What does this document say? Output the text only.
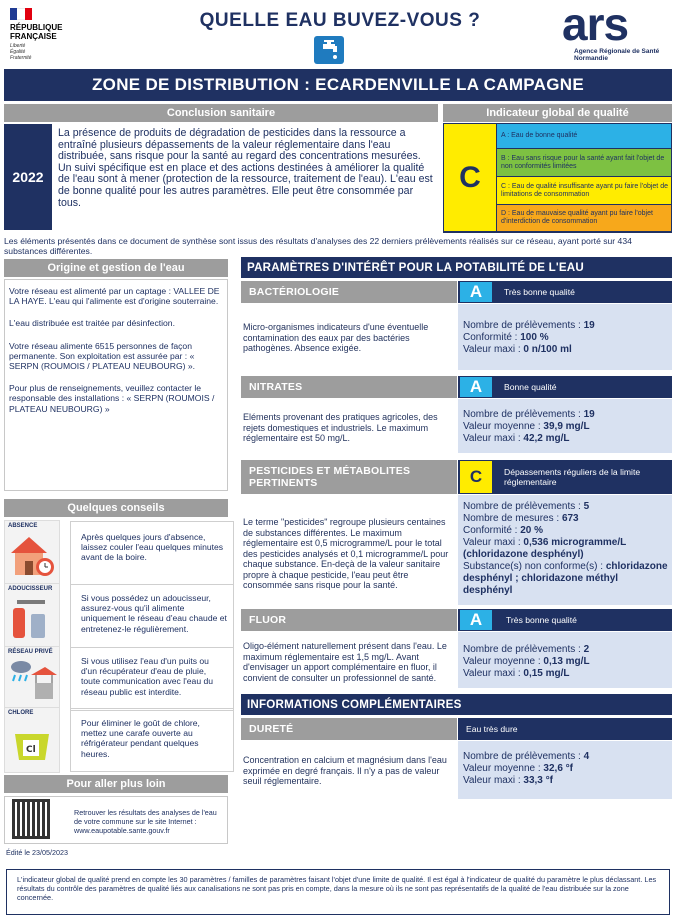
RÉPUBLIQUE
FRANÇAISE
Liberté
Égalité
Fraternité
QUELLE EAU BUVEZ-VOUS ?	ars
Agence Régionale de Santé
Normandie
ZONE DE DISTRIBUTION : ECARDENVILLE LA CAMPAGNE
Conclusion sanitaire
2022
La présence de produits de dégradation de pesticides dans la ressource a entraîné plusieurs dépassements de la valeur réglementaire dans l'eau distribuée, sans risque pour la santé au regard des concentrations mesurées. Un suivi spécifique est en place et des actions destinées à améliorer la qualité de l'eau sont à mener (protection de la ressource, traitement de l'eau). L'eau est de bonne qualité pour les autres paramètres. Elle peut être consommée par tous.
Indicateur global de qualité
C
A : Eau de bonne qualité
B : Eau sans risque pour la santé ayant fait l'objet de non conformités limitées
C : Eau de qualité insuffisante ayant pu faire l'objet de limitations de consommation
D : Eau de mauvaise qualité ayant pu faire l'objet d'interdiction de consommation
Les éléments présentés dans ce document de synthèse sont issus des résultats d'analyses des 22 derniers prélèvements réalisés sur ce réseau, ayant porté sur 434 substances différentes.
Origine et gestion de l'eau

Votre réseau est alimenté par un captage : VALLEE DE LA HAYE. L'eau qui l'alimente est d'origine souterraine.

L'eau distribuée est traitée par désinfection.

Votre réseau alimente 6515 personnes de façon permanente. Son exploitation est assurée par : « SERPN (ROUMOIS / PLATEAU NEUBOURG) ».

Pour plus de renseignements, veuillez contacter le responsable des installations : « SERPN (ROUMOIS / PLATEAU NEUBOURG) »

Quelques conseils
ABSENCE
Après quelques jours d'absence, laissez couler l'eau quelques minutes avant de la boire.
ADOUCISSEUR
Si vous possédez un adoucisseur, assurez-vous qu'il alimente uniquement le réseau d'eau chaude et entretenez-le régulièrement.
RÉSEAU PRIVÉ
Si vous utilisez l'eau d'un puits ou d'un récupérateur d'eau de pluie, toute communication avec l'eau du réseau public est interdite.
CHLORE
Cl
Pour éliminer le goût de chlore, mettez une carafe ouverte au réfrigérateur pendant quelques heures.
Pour aller plus loin
Retrouver les résultats des analyses de l'eau de votre commune sur le site Internet : www.eaupotable.sante.gouv.fr
Édité le 23/05/2023
PARAMÈTRES D'INTÉRÊT POUR LA POTABILITÉ DE L'EAU
BACTÉRIOLOGIE	A	Très bonne qualité
Micro-organismes indicateurs d'une éventuelle contamination des eaux par des bactéries pathogènes. Absence exigée.
Nombre de prélèvements : 19
Conformité : 100 %
Valeur maxi : 0 n/100 ml
NITRATES	A	Bonne qualité
Eléments provenant des pratiques agricoles, des rejets domestiques et industriels. Le maximum réglementaire est 50 mg/L.
Nombre de prélèvements : 19
Valeur moyenne : 39,9 mg/L
Valeur maxi : 42,2 mg/L
PESTICIDES ET MÉTABOLITES PERTINENTS	C	Dépassements réguliers de la limite réglementaire
Le terme "pesticides" regroupe plusieurs centaines de substances différentes. Le maximum réglementaire est 0,5 microgramme/L pour le total des pesticides analysés et 0,1 microgramme/L pour chaque substance. En-deçà de la valeur sanitaire propre à chaque pesticide, l'eau peut être consommée sans risque pour la santé.
Nombre de prélèvements : 5
Nombre de mesures : 673
Conformité : 20 %
Valeur maxi : 0,536 microgramme/L (chloridazone desphényl)
Substance(s) non conforme(s) : chloridazone desphényl ; chloridazone méthyl desphényl
FLUOR	A	Très bonne qualité
Oligo-élément naturellement présent dans l'eau. Le maximum réglementaire est 1,5 mg/L. Avant d'envisager un apport complémentaire en fluor, il convient de consulter un professionnel de santé.
Nombre de prélèvements : 2
Valeur moyenne : 0,13 mg/L
Valeur maxi : 0,15 mg/L
INFORMATIONS COMPLÉMENTAIRES
DURETÉ	Eau très dure
Concentration en calcium et magnésium dans l'eau exprimée en degré français. Il n'y a pas de valeur seuil réglementaire.
Nombre de prélèvements : 4
Valeur moyenne : 32,6 °f
Valeur maxi : 33,3 °f
L'indicateur global de qualité prend en compte les 30 paramètres / familles de paramètres faisant l'objet d'une limite de qualité. Il est égal à l'indicateur de qualité du paramètre le plus déclassant. Les résultats du contrôle des paramètres de qualité liés aux canalisations ne sont pas pris en compte, dans la mesure où ils ne sont pas représentatifs de la qualité de l'eau distribuée sur la zone concernée.
